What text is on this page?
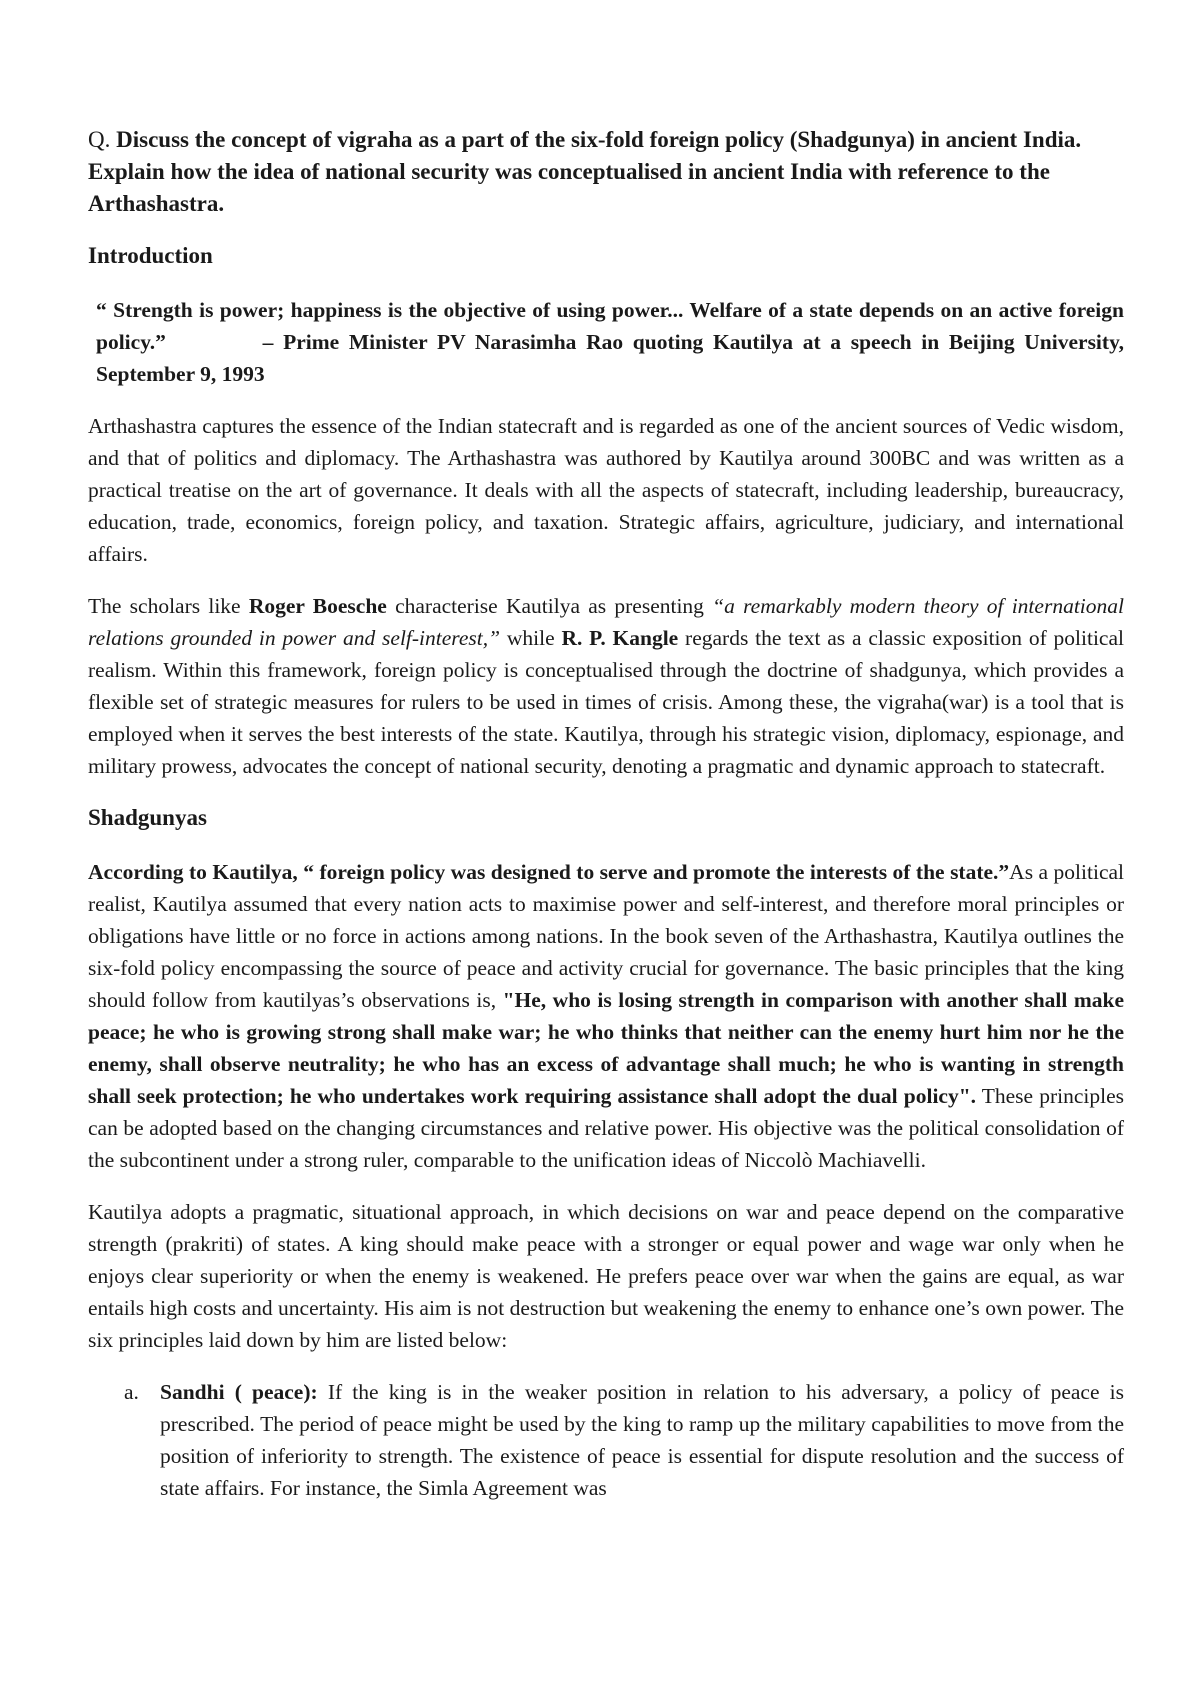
Q. Discuss the concept of vigraha as a part of the six-fold foreign policy (Shadgunya) in ancient India. Explain how the idea of national security was conceptualised in ancient India with reference to the Arthashastra.
Introduction

“ Strength is power; happiness is the objective of using power... Welfare of a state depends on an active foreign policy.”	– Prime Minister PV Narasimha Rao quoting Kautilya at a speech in Beijing University, September 9, 1993

Arthashastra captures the essence of the Indian statecraft and is regarded as one of the ancient sources of Vedic wisdom, and that of politics and diplomacy. The Arthashastra was authored by Kautilya around 300BC and was written as a practical treatise on the art of governance. It deals with all the aspects of statecraft, including leadership, bureaucracy, education, trade, economics, foreign policy, and taxation. Strategic affairs, agriculture, judiciary, and international affairs.

The scholars like Roger Boesche characterise Kautilya as presenting “a remarkably modern theory of international relations grounded in power and self-interest,” while R. P. Kangle regards the text as a classic exposition of political realism. Within this framework, foreign policy is conceptualised through the doctrine of shadgunya, which provides a flexible set of strategic measures for rulers to be used in times of crisis. Among these, the vigraha(war) is a tool that is employed when it serves the best interests of the state. Kautilya, through his strategic vision, diplomacy, espionage, and military prowess, advocates the concept of national security, denoting a pragmatic and dynamic approach to statecraft.

Shadgunyas

According to Kautilya, “ foreign policy was designed to serve and promote the interests of the state.”As a political realist, Kautilya assumed that every nation acts to maximise power and self-interest, and therefore moral principles or obligations have little or no force in actions among nations. In the book seven of the Arthashastra, Kautilya outlines the six-fold policy encompassing the source of peace and activity crucial for governance. The basic principles that the king should follow from kautilyas’s observations is, "He, who is losing strength in comparison with another shall make peace; he who is growing strong shall make war; he who thinks that neither can the enemy hurt him nor he the enemy, shall observe neutrality; he who has an excess of advantage shall much; he who is wanting in strength shall seek protection; he who undertakes work requiring assistance shall adopt the dual policy". These principles can be adopted based on the changing circumstances and relative power. His objective was the political consolidation of the subcontinent under a strong ruler, comparable to the unification ideas of Niccolò Machiavelli.

Kautilya adopts a pragmatic, situational approach, in which decisions on war and peace depend on the comparative strength (prakriti) of states. A king should make peace with a stronger or equal power and wage war only when he enjoys clear superiority or when the enemy is weakened. He prefers peace over war when the gains are equal, as war entails high costs and uncertainty. His aim is not destruction but weakening the enemy to enhance one’s own power. The six principles laid down by him are listed below:

a. Sandhi ( peace): If the king is in the weaker position in relation to his adversary, a policy of peace is prescribed. The period of peace might be used by the king to ramp up the military capabilities to move from the position of inferiority to strength. The existence of peace is essential for dispute resolution and the success of state affairs. For instance, the Simla Agreement was
